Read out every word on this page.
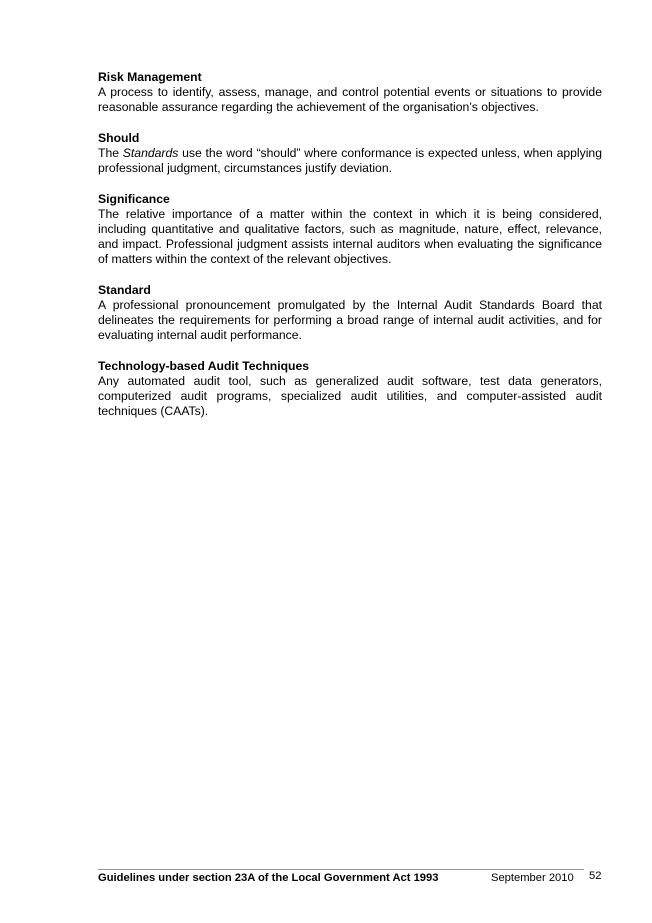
Risk Management

A process to identify, assess, manage, and control potential events or situations to provide reasonable assurance regarding the achievement of the organisation’s objectives.

Should

The Standards use the word “should” where conformance is expected unless, when applying professional judgment, circumstances justify deviation.

Significance

The relative importance of a matter within the context in which it is being considered, including quantitative and qualitative factors, such as magnitude, nature, effect, relevance, and impact. Professional judgment assists internal auditors when evaluating the significance of matters within the context of the relevant objectives.

Standard

A professional pronouncement promulgated by the Internal Audit Standards Board that delineates the requirements for performing a broad range of internal audit activities, and for evaluating internal audit performance.

Technology-based Audit Techniques

Any automated audit tool, such as generalized audit software, test data generators, computerized audit programs, specialized audit utilities, and computer-assisted audit techniques (CAATs).

Guidelines under section 23A of the Local Government Act 1993	September 2010 52
